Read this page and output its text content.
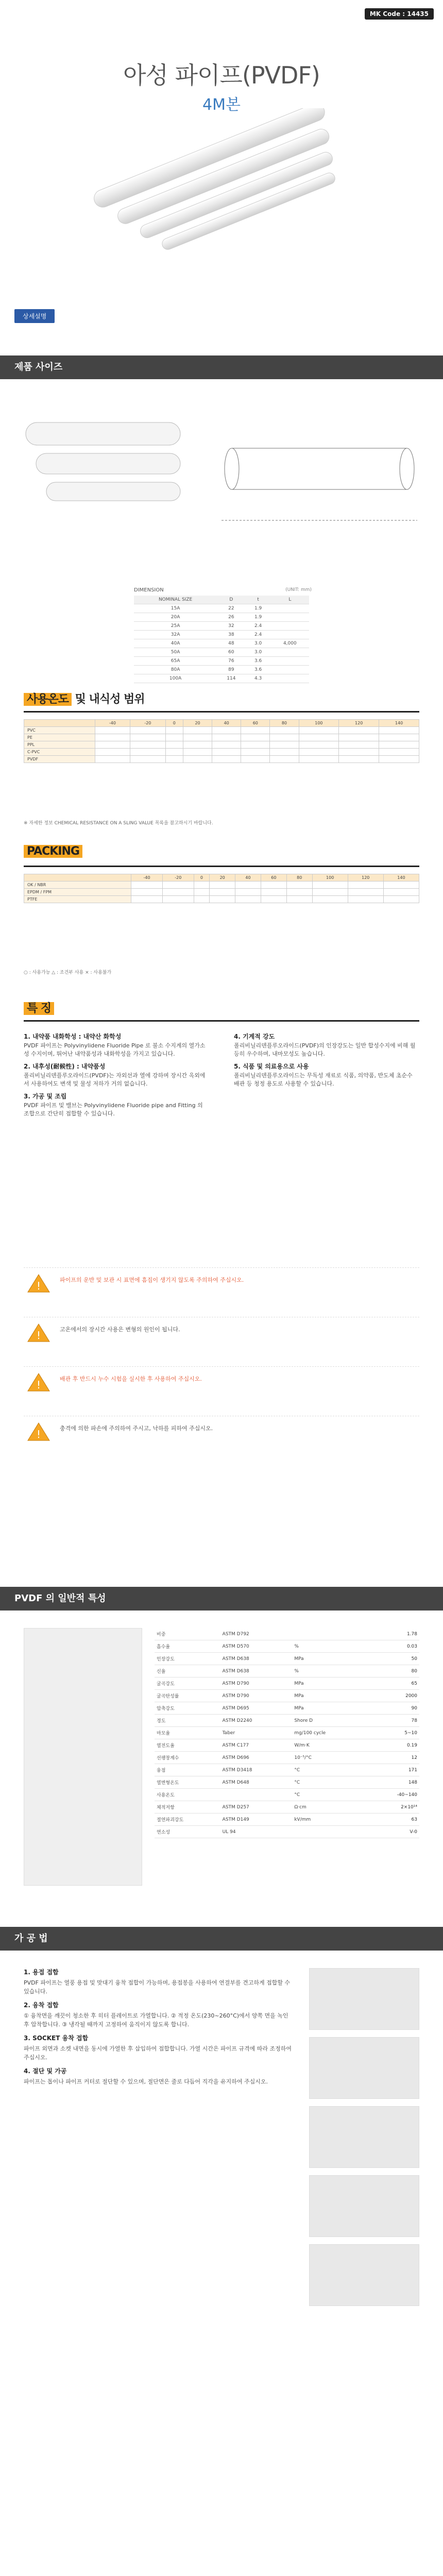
MK Code : 14435
아성 파이프(PVDF)
4M본
상세설명
제품 사이즈
DIMENSION	(UNIT: mm)
NOMINAL SIZE	D	t	L
15A	22	1.9	
20A	26	1.9	
25A	32	2.4	
32A	38	2.4	
40A	48	3.0	4,000
50A	60	3.0	
65A	76	3.6	
80A	89	3.6	
100A	114	4.3	
사용온도 및 내식성 범위
	-40	-20	0	20	40	60	80	100	120	140
PVC										
PE										
PPL										
C-PVC										
PVDF										
※ 자세한 정보 CHEMICAL RESISTANCE ON A SLING VALUE 목록을 참고하시기 바랍니다.
PACKING
	-40	-20	0	20	40	60	80	100	120	140
OK / NBR										
EPDM / FPM										
PTFE										
○ : 사용가능 △ : 조건부 사용 × : 사용불가
특 징
1. 내약품 내화학성 : 내약산 화학성

PVDF 파이프는 Polyvinylidene Fluoride Pipe 로 불소 수지계의 열가소성 수지이며, 뛰어난 내약품성과 내화학성을 가지고 있습니다.

2. 내후성(耐候性) : 내약품성

폴리비닐리덴플루오라이드(PVDF)는 자외선과 열에 강하며 장시간 옥외에서 사용하여도 변색 및 물성 저하가 거의 없습니다.

3. 가공 및 조립

PVDF 파이프 및 밸브는 Polyvinylidene Fluoride pipe and Fitting 의 조합으로 간단히 접합할 수 있습니다.

4. 기계적 강도

폴리비닐리덴플루오라이드(PVDF)의 인장강도는 일반 합성수지에 비해 월등히 우수하며, 내마모성도 높습니다.

5. 식품 및 의료용으로 사용

폴리비닐리덴플루오라이드는 무독성 재료로 식품, 의약품, 반도체 초순수 배관 등 청정 용도로 사용할 수 있습니다.

!	파이프의 운반 및 보관 시 표면에 흠집이 생기지 않도록 주의하여 주십시오.
!	고온에서의 장시간 사용은 변형의 원인이 됩니다.
!	배관 후 반드시 누수 시험을 실시한 후 사용하여 주십시오.
!	충격에 의한 파손에 주의하여 주시고, 낙하를 피하여 주십시오.
PVDF 의 일반적 특성
비중	ASTM D792		1.78
흡수율	ASTM D570	%	0.03
인장강도	ASTM D638	MPa	50
신율	ASTM D638	%	80
굴곡강도	ASTM D790	MPa	65
굴곡탄성률	ASTM D790	MPa	2000
압축강도	ASTM D695	MPa	90
경도	ASTM D2240	Shore D	78
마모율	Taber	mg/100 cycle	5~10
열전도율	ASTM C177	W/m·K	0.19
선팽창계수	ASTM D696	10⁻⁵/°C	12
융점	ASTM D3418	°C	171
열변형온도	ASTM D648	°C	148
사용온도		°C	-40~140
체적저항	ASTM D257	Ω·cm	2×10¹⁴
절연파괴강도	ASTM D149	kV/mm	63
연소성	UL 94		V-0
가 공 법
1. 용접 접합

PVDF 파이프는 열풍 용접 및 맞대기 융착 접합이 가능하며, 용접봉을 사용하여 연결부를 견고하게 접합할 수 있습니다.

2. 융착 접합

① 융착면을 깨끗이 청소한 후 히터 플레이트로 가열합니다. ② 적정 온도(230~260°C)에서 양쪽 면을 녹인 후 압착합니다. ③ 냉각될 때까지 고정하여 움직이지 않도록 합니다.

3. SOCKET 융착 접합

파이프 외면과 소켓 내면을 동시에 가열한 후 삽입하여 접합합니다. 가열 시간은 파이프 규격에 따라 조정하여 주십시오.

4. 절단 및 가공

파이프는 톱이나 파이프 커터로 절단할 수 있으며, 절단면은 줄로 다듬어 직각을 유지하여 주십시오.
